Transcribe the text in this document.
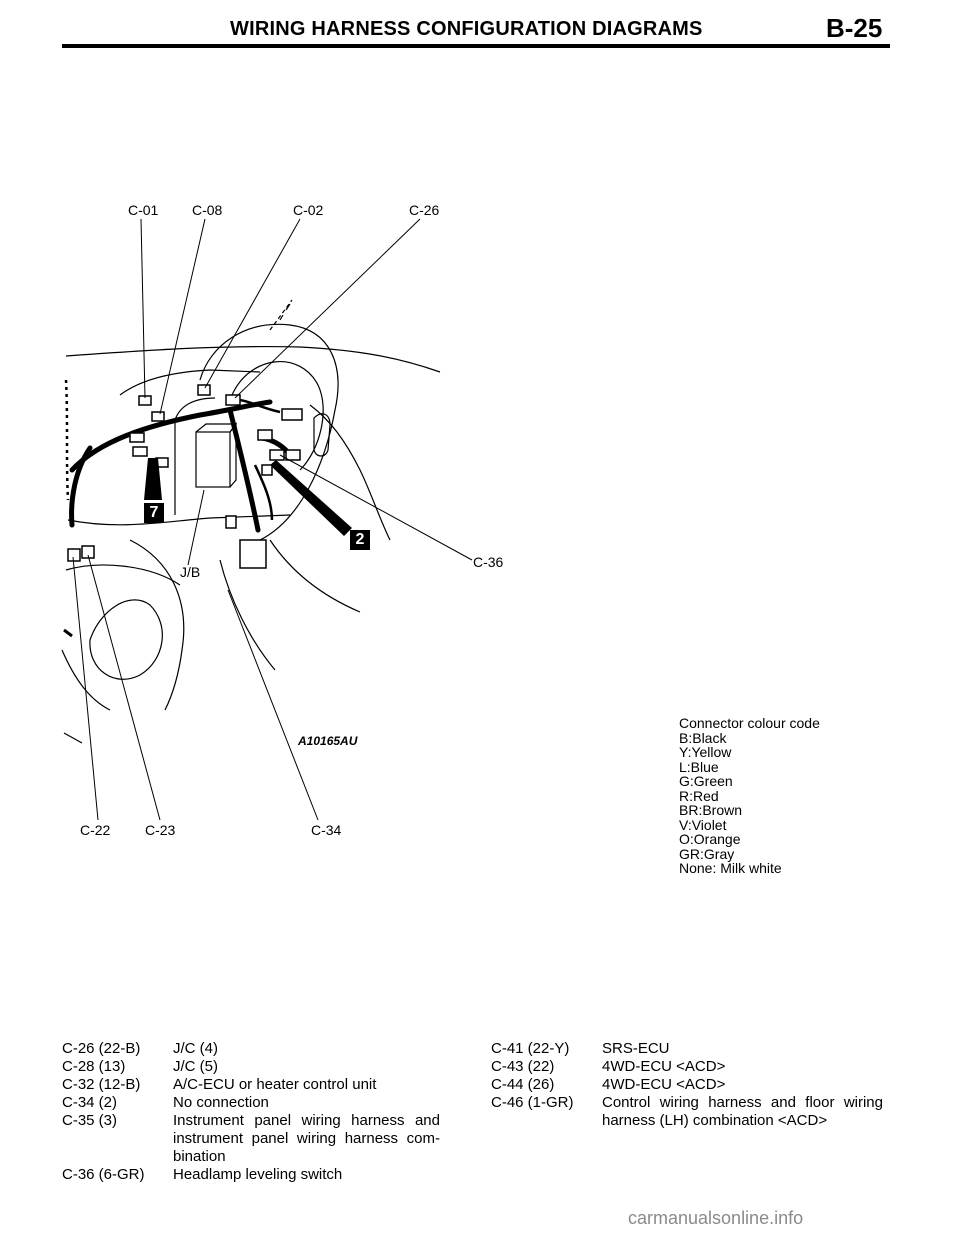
WIRING HARNESS CONFIGURATION DIAGRAMS	B-25
C-01 C-08	C-02	C-26
C-36
J/B
C-22 C-23	C-34
7
2
A10165AU
Connector colour code
B:Black
Y:Yellow
L:Blue
G:Green
R:Red
BR:Brown
V:Violet
O:Orange
GR:Gray
None: Milk white
C-26 (22-B)	J/C (4)
C-28 (13)	J/C (5)
C-32 (12-B)	A/C-ECU or heater control unit
C-34 (2)	No connection
C-35 (3)	Instrument panel wiring harness and instrument panel wiring harness com- bination
C-36 (6-GR)	Headlamp leveling switch
C-41 (22-Y)	SRS-ECU
C-43 (22)	4WD-ECU <ACD>
C-44 (26)	4WD-ECU <ACD>
C-46 (1-GR)	Control wiring harness and floor wiring harness (LH) combination <ACD>
carmanualsonline.info
